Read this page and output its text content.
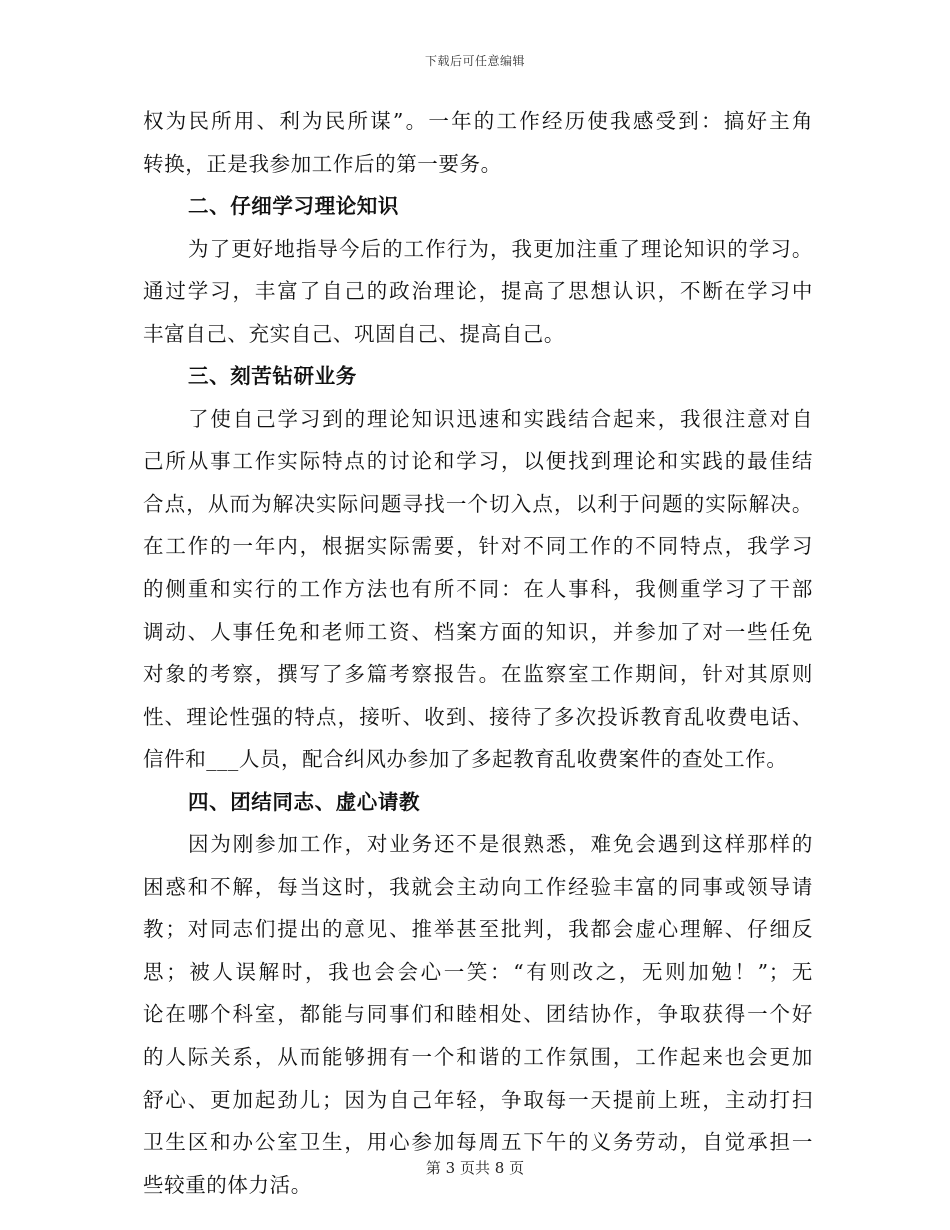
下载后可任意编辑
权为民所用、利为民所谋”。一年的工作经历使我感受到：搞好主角
转换，正是我参加工作后的第一要务。
二、仔细学习理论知识
为了更好地指导今后的工作行为，我更加注重了理论知识的学习。
通过学习，丰富了自己的政治理论，提高了思想认识，不断在学习中
丰富自己、充实自己、巩固自己、提高自己。
三、刻苦钻研业务
了使自己学习到的理论知识迅速和实践结合起来，我很注意对自
己所从事工作实际特点的讨论和学习，以便找到理论和实践的最佳结
合点，从而为解决实际问题寻找一个切入点，以利于问题的实际解决。
在工作的一年内，根据实际需要，针对不同工作的不同特点，我学习
的侧重和实行的工作方法也有所不同：在人事科，我侧重学习了干部
调动、人事任免和老师工资、档案方面的知识，并参加了对一些任免
对象的考察，撰写了多篇考察报告。在监察室工作期间，针对其原则
性、理论性强的特点，接听、收到、接待了多次投诉教育乱收费电话、
信件和___人员，配合纠风办参加了多起教育乱收费案件的查处工作。
四、团结同志、虚心请教
因为刚参加工作，对业务还不是很熟悉，难免会遇到这样那样的
困惑和不解，每当这时，我就会主动向工作经验丰富的同事或领导请
教；对同志们提出的意见、推举甚至批判，我都会虚心理解、仔细反
思；被人误解时，我也会会心一笑：“有则改之，无则加勉！”；无
论在哪个科室，都能与同事们和睦相处、团结协作，争取获得一个好
的人际关系，从而能够拥有一个和谐的工作氛围，工作起来也会更加
舒心、更加起劲儿；因为自己年轻，争取每一天提前上班，主动打扫
卫生区和办公室卫生，用心参加每周五下午的义务劳动，自觉承担一
些较重的体力活。
第 3 页共 8 页
